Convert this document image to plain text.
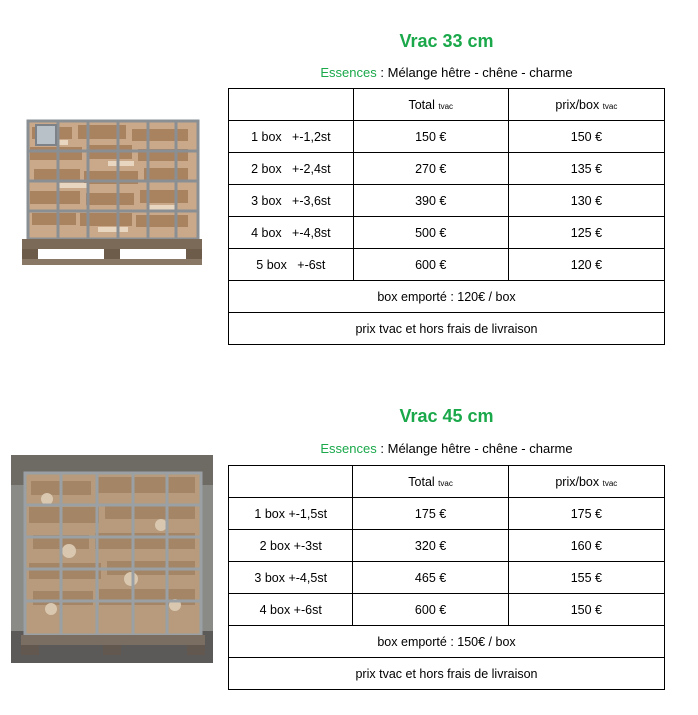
Vrac 33 cm
Essences : Mélange hêtre - chêne - charme
	Total tvac	prix/box tvac
1 box   +-1,2st	150 €	150 €
2 box   +-2,4st	270 €	135 €
3 box   +-3,6st	390 €	130 €
4 box   +-4,8st	500 €	125 €
5 box   +-6st	600 €	120 €
box emporté : 120€ / box		
prix tvac et hors frais de livraison		
Vrac 45 cm
Essences : Mélange hêtre - chêne - charme
	Total tvac	prix/box tvac
1 box +-1,5st	175 €	175 €
2 box +-3st	320 €	160 €
3 box +-4,5st	465 €	155 €
4 box +-6st	600 €	150 €
box emporté : 150€ / box		
prix tvac et hors frais de livraison		
